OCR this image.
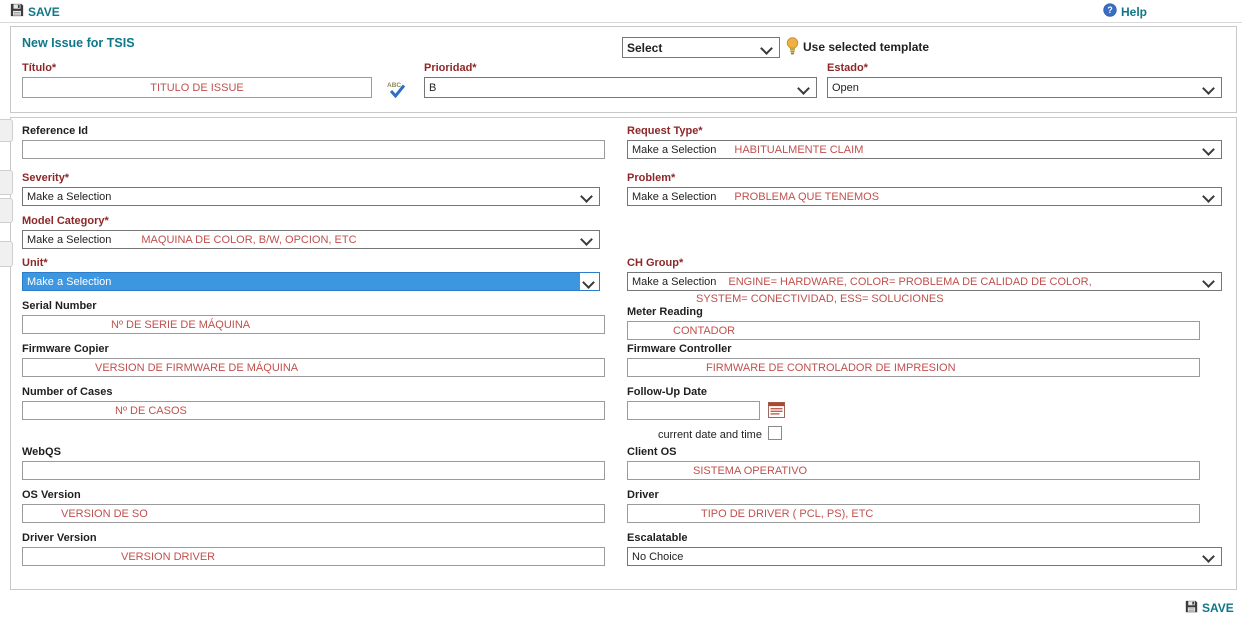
SAVE	? Help
New Issue for TSIS	Select	Use selected template
Título*
TITULO DE ISSUE	ABC
Prioridad*
B
Estado*
Open
Reference Id
Severity*
Make a Selection
Model Category*
Make a Selection	MAQUINA DE COLOR, B/W, OPCION, ETC
Unit*
Make a Selection
Serial Number
Nº DE SERIE DE MÁQUINA
Firmware Copier
VERSION DE FIRMWARE DE MÁQUINA
Number of Cases
Nº DE CASOS
WebQS
OS Version
VERSION DE SO
Driver Version
VERSION DRIVER
Request Type*
Make a Selection HABITUALMENTE CLAIM
Problem*
Make a Selection PROBLEMA QUE TENEMOS
CH Group*
Make a Selection ENGINE= HARDWARE, COLOR= PROBLEMA DE CALIDAD DE COLOR,
SYSTEM= CONECTIVIDAD, ESS= SOLUCIONES
Meter Reading
CONTADOR
Firmware Controller
FIRMWARE DE CONTROLADOR DE IMPRESION
Follow-Up Date
current date and time
Client OS
SISTEMA OPERATIVO
Driver
TIPO DE DRIVER ( PCL, PS), ETC
Escalatable
No Choice
SAVE
